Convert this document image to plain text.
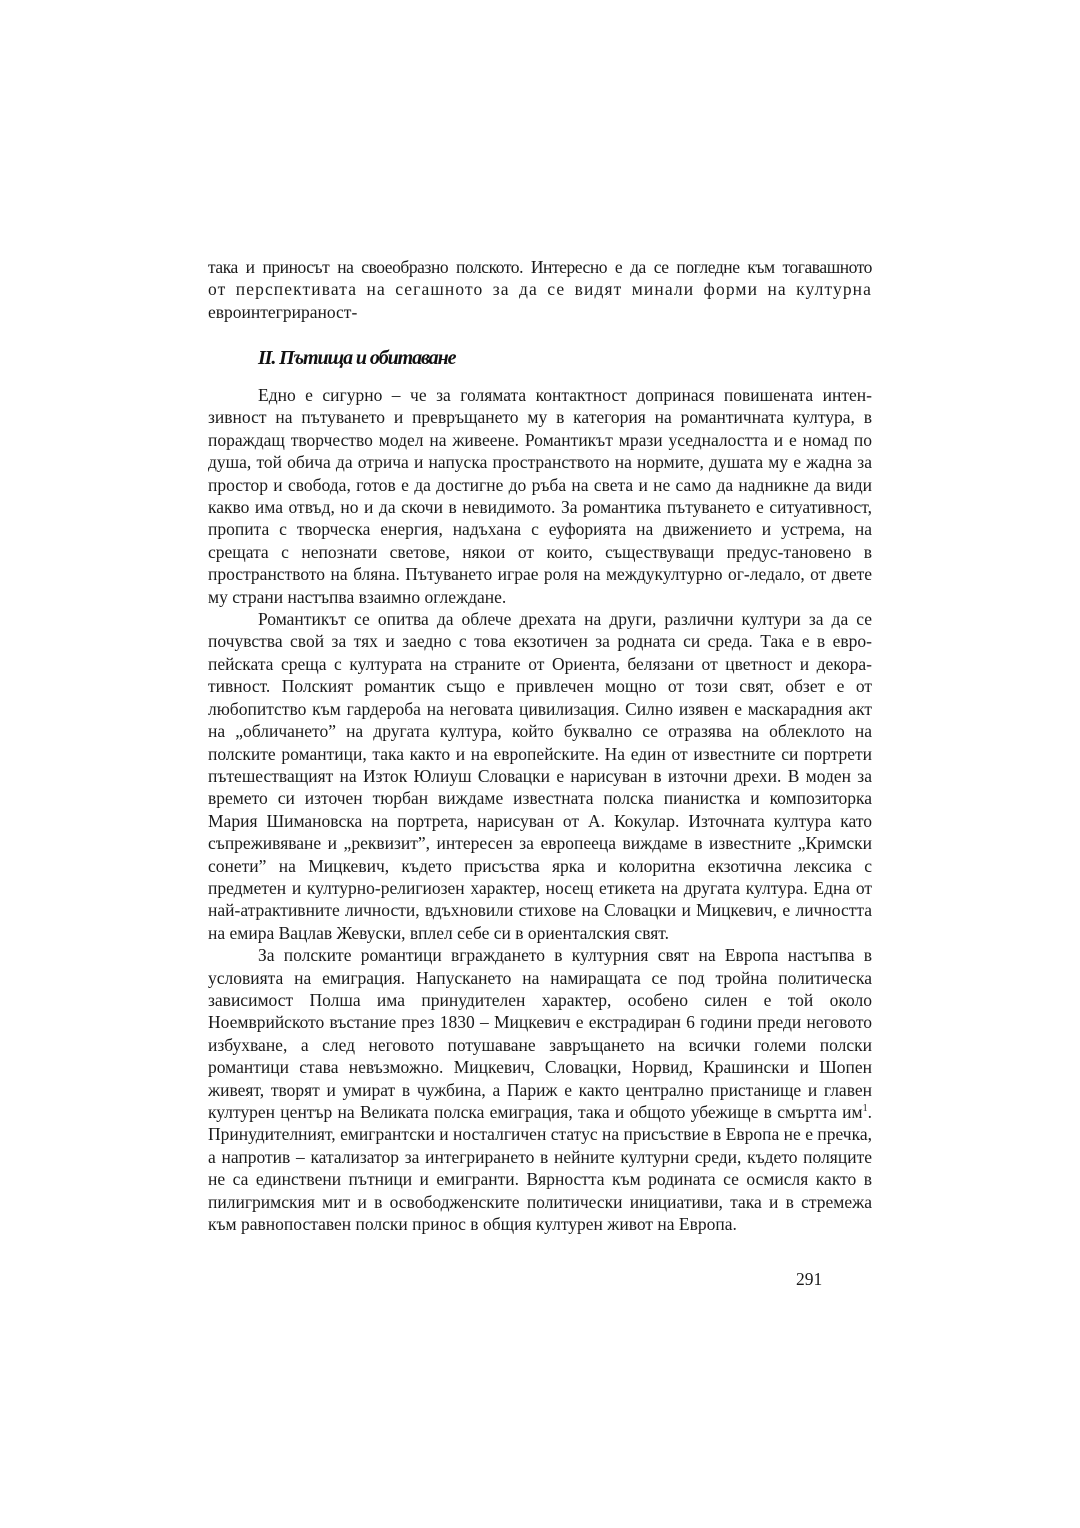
така и приносът на своеобразно полското. Интересно е да се погледне към тогавашното
от перспективата на сегашното за да се видят минали форми на културна
евроинтегрираност-
II. Пътища и обитаване

Едно е сигурно – че за голямата контактност допринася повишената интен-зивност на пътуването и превръщането му в категория на романтичната култура, в пораждащ творчество модел на живеене. Романтикът мрази уседналостта и е номад по душа, той обича да отрича и напуска пространството на нормите, душата му е жадна за простор и свобода, готов е да достигне до ръба на света и не само да надникне да види какво има отвъд, но и да скочи в невидимото. За романтика пътуването е ситуативност, пропита с творческа енергия, надъхана с еуфорията на движението и устрема, на срещата с непознати светове, някои от които, съществуващи предус-тановено в пространството на бляна. Пътуването играе роля на междукултурно ог-ледало, от двете му страни настъпва взаимно оглеждане.

Романтикът се опитва да облече дрехата на други, различни култури за да се почувства свой за тях и заедно с това екзотичен за родната си среда. Така е в евро-пейската среща с културата на страните от Ориента, белязани от цветност и декора-тивност. Полският романтик също е привлечен мощно от този свят, обзет е от любопитство към гардероба на неговата цивилизация. Силно изявен е маскарадния акт на „обличането” на другата култура, който буквално се отразява на облеклото на полските романтици, така както и на европейските. На един от известните си портрети пътешестващият на Изток Юлиуш Словацки е нарисуван в източни дрехи. В моден за времето си източен тюрбан виждаме известната полска пианистка и композиторка Мария Шимановска на портрета, нарисуван от А. Кокулар. Източната култура като съпреживяване и „реквизит”, интересен за европееца виждаме в известните „Кримски сонети” на Мицкевич, където присъства ярка и колоритна екзотична лексика с предметен и културно-религиозен характер, носещ етикета на другата култура. Една от най-атрактивните личности, вдъхновили стихове на Словацки и Мицкевич, е личността на емира Вацлав Жевуски, вплел себе си в ориенталския свят.

За полските романтици вграждането в културния свят на Европа настъпва в условията на емиграция. Напускането на намиращата се под тройна политическа зависимост Полша има принудителен характер, особено силен е той около Ноемврийското въстание през 1830 – Мицкевич е екстрадиран 6 години преди неговото избухване, а след неговото потушаване завръщането на всички големи полски романтици става невъзможно. Мицкевич, Словацки, Норвид, Крашински и Шопен живеят, творят и умират в чужбина, а Париж е както централно пристанище и главен културен център на Великата полска емиграция, така и общото убежище в смъртта $им^1$. Принудителният, емигрантски и носталгичен статус на присъствие в Европа не е пречка, а напротив – катализатор за интегрирането в нейните културни среди, където поляците не са единствени пътници и емигранти. Вярността към родината се осмисля както в пилигримския мит и в освободженските политически инициативи, така и в стремежа към равнопоставен полски принос в общия културен живот на Европа.

291
